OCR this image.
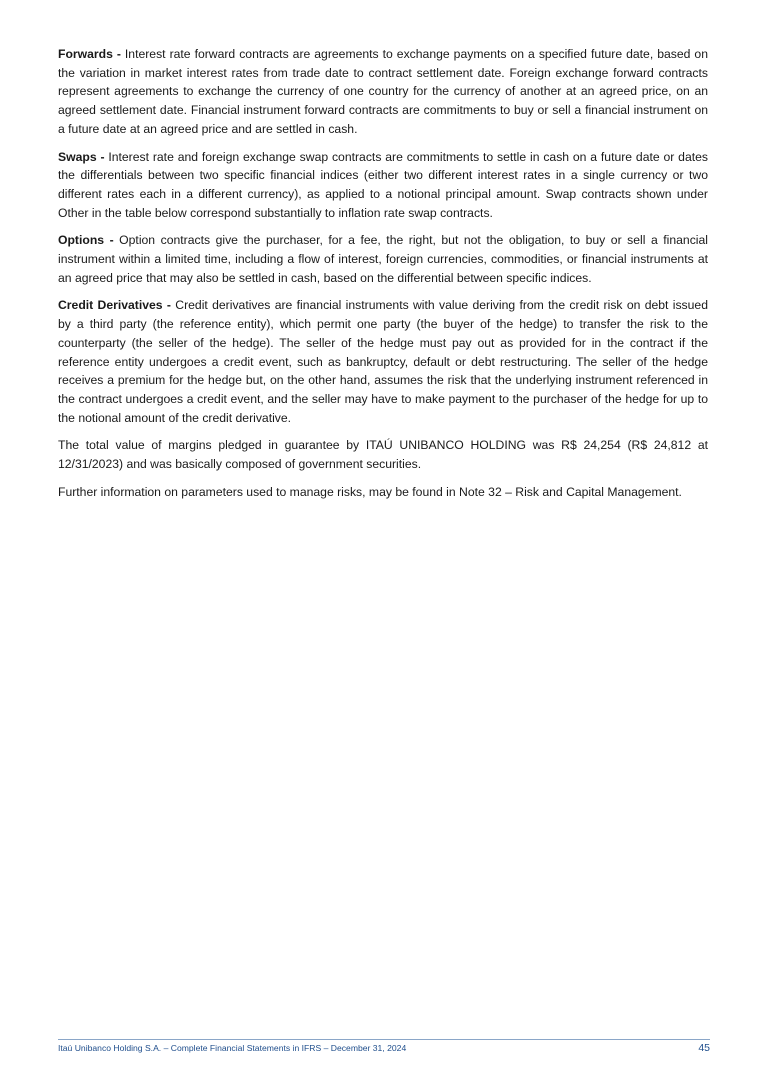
Forwards - Interest rate forward contracts are agreements to exchange payments on a specified future date, based on the variation in market interest rates from trade date to contract settlement date. Foreign exchange forward contracts represent agreements to exchange the currency of one country for the currency of another at an agreed price, on an agreed settlement date. Financial instrument forward contracts are commitments to buy or sell a financial instrument on a future date at an agreed price and are settled in cash.

Swaps - Interest rate and foreign exchange swap contracts are commitments to settle in cash on a future date or dates the differentials between two specific financial indices (either two different interest rates in a single currency or two different rates each in a different currency), as applied to a notional principal amount. Swap contracts shown under Other in the table below correspond substantially to inflation rate swap contracts.

Options - Option contracts give the purchaser, for a fee, the right, but not the obligation, to buy or sell a financial instrument within a limited time, including a flow of interest, foreign currencies, commodities, or financial instruments at an agreed price that may also be settled in cash, based on the differential between specific indices.

Credit Derivatives - Credit derivatives are financial instruments with value deriving from the credit risk on debt issued by a third party (the reference entity), which permit one party (the buyer of the hedge) to transfer the risk to the counterparty (the seller of the hedge). The seller of the hedge must pay out as provided for in the contract if the reference entity undergoes a credit event, such as bankruptcy, default or debt restructuring. The seller of the hedge receives a premium for the hedge but, on the other hand, assumes the risk that the underlying instrument referenced in the contract undergoes a credit event, and the seller may have to make payment to the purchaser of the hedge for up to the notional amount of the credit derivative.

The total value of margins pledged in guarantee by ITAÚ UNIBANCO HOLDING was R$ 24,254 (R$ 24,812 at 12/31/2023) and was basically composed of government securities.

Further information on parameters used to manage risks, may be found in Note 32 – Risk and Capital Management.

Itaú Unibanco Holding S.A. – Complete Financial Statements in IFRS – December 31, 2024	45
